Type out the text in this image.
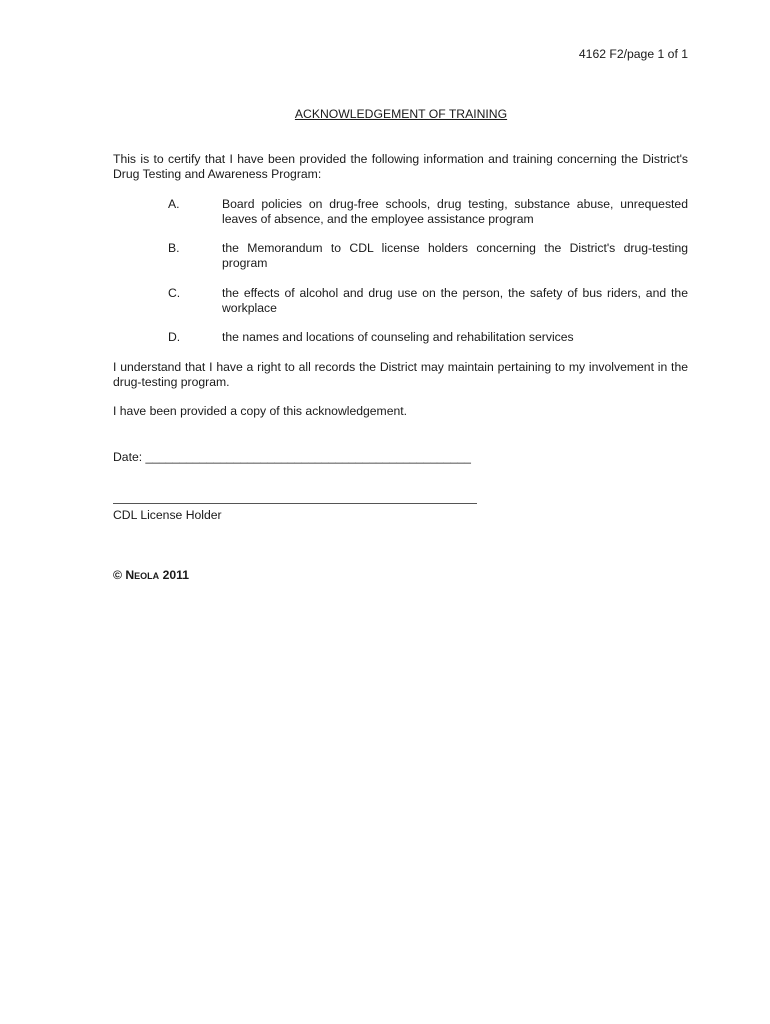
4162 F2/page 1 of 1
ACKNOWLEDGEMENT OF TRAINING
This is to certify that I have been provided the following information and training concerning the District's Drug Testing and Awareness Program:
A.	Board policies on drug-free schools, drug testing, substance abuse, unrequested leaves of absence, and the employee assistance program
B.	the Memorandum to CDL license holders concerning the District's drug-testing program
C.	the effects of alcohol and drug use on the person, the safety of bus riders, and the workplace
D.	the names and locations of counseling and rehabilitation services
I understand that I have a right to all records the District may maintain pertaining to my involvement in the drug-testing program.
I have been provided a copy of this acknowledgement.
Date: ________________________________________________
CDL License Holder
© Neola 2011
